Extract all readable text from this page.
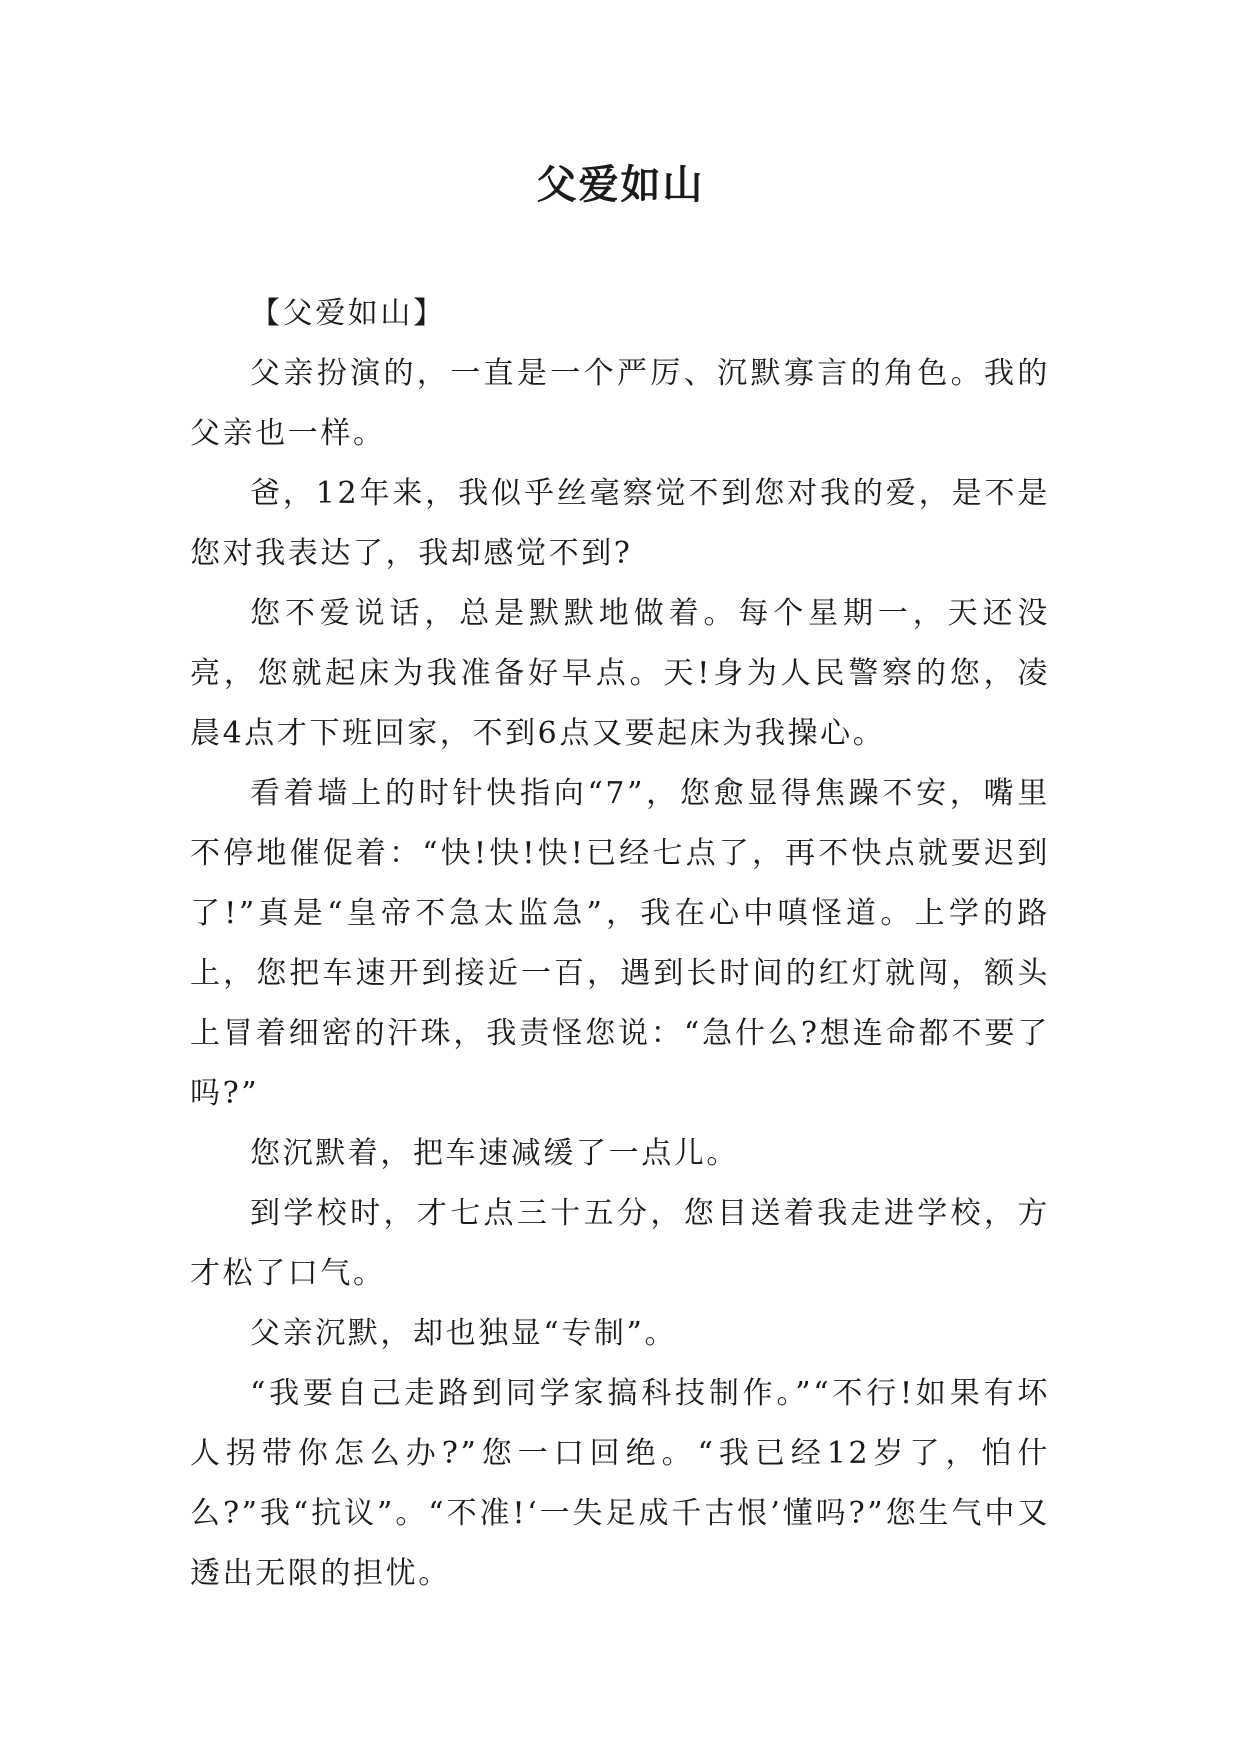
父爱如山

【父爱如山】

父亲扮演的，一直是一个严厉、沉默寡言的角色。我的父亲也一样。

爸，12年来，我似乎丝毫察觉不到您对我的爱，是不是您对我表达了，我却感觉不到?

您不爱说话，总是默默地做着。每个星期一，天还没亮，您就起床为我准备好早点。天!身为人民警察的您，凌晨4点才下班回家，不到6点又要起床为我操心。

看着墙上的时针快指向“7”，您愈显得焦躁不安，嘴里不停地催促着：“快!快!快!已经七点了，再不快点就要迟到了!”真是“皇帝不急太监急”，我在心中嗔怪道。上学的路上，您把车速开到接近一百，遇到长时间的红灯就闯，额头上冒着细密的汗珠，我责怪您说：“急什么?想连命都不要了吗?”

您沉默着，把车速减缓了一点儿。

到学校时，才七点三十五分，您目送着我走进学校，方才松了口气。

父亲沉默，却也独显“专制”。

“我要自己走路到同学家搞科技制作。”“不行!如果有坏人拐带你怎么办?”您一口回绝。“我已经12岁了，怕什么?”我“抗议”。“不准!‘一失足成千古恨’懂吗?”您生气中又透出无限的担忧。
